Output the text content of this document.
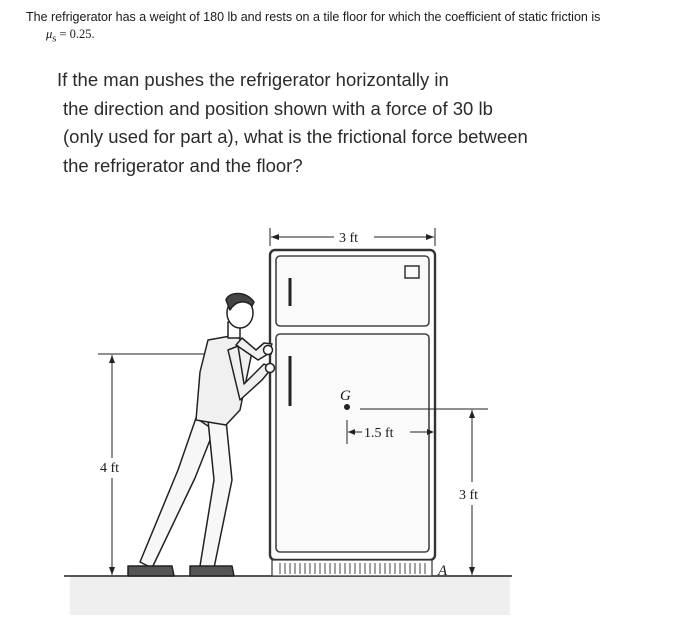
The refrigerator has a weight of 180 lb and rests on a tile floor for which the coefficient of static friction is
$\mu_s = 0.25$.
If the man pushes the refrigerator horizontally in
the direction and position shown with a force of 30 lb
(only used for part a), what is the frictional force between
the refrigerator and the floor?
G
A
3 ft
4 ft
1.5 ft
3 ft
